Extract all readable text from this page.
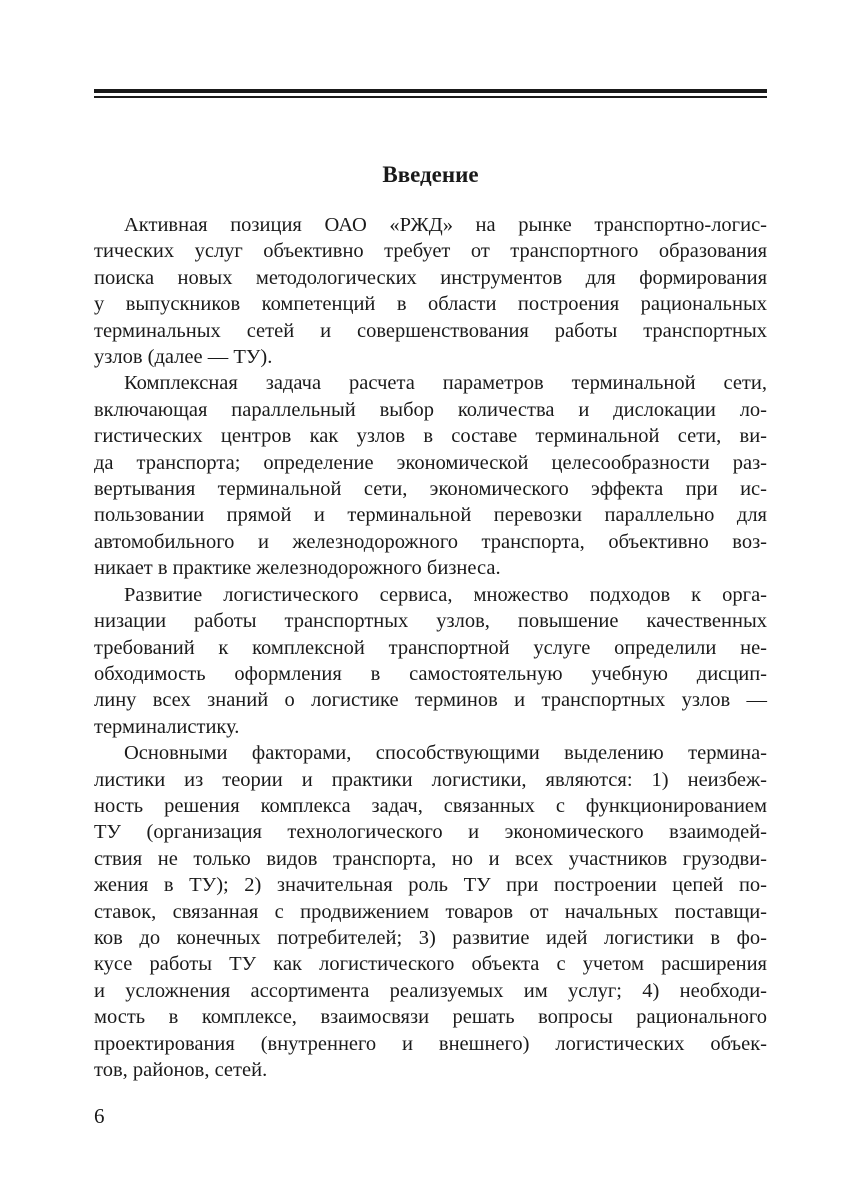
Введение

Активная позиция ОАО «РЖД» на рынке транспортно-логис-
тических услуг объективно требует от транспортного образования
поиска новых методологических инструментов для формирования
у выпускников компетенций в области построения рациональных
терминальных сетей и совершенствования работы транспортных
узлов (далее — ТУ).

Комплексная задача расчета параметров терминальной сети,
включающая параллельный выбор количества и дислокации ло-
гистических центров как узлов в составе терминальной сети, ви-
да транспорта; определение экономической целесообразности раз-
вертывания терминальной сети, экономического эффекта при ис-
пользовании прямой и терминальной перевозки параллельно для
автомобильного и железнодорожного транспорта, объективно воз-
никает в практике железнодорожного бизнеса.

Развитие логистического сервиса, множество подходов к орга-
низации работы транспортных узлов, повышение качественных
требований к комплексной транспортной услуге определили не-
обходимость оформления в самостоятельную учебную дисцип-
лину всех знаний о логистике терминов и транспортных узлов —
терминалистику.

Основными факторами, способствующими выделению термина-
листики из теории и практики логистики, являются: 1) неизбеж-
ность решения комплекса задач, связанных с функционированием
ТУ (организация технологического и экономического взаимодей-
ствия не только видов транспорта, но и всех участников грузодви-
жения в ТУ); 2) значительная роль ТУ при построении цепей по-
ставок, связанная с продвижением товаров от начальных поставщи-
ков до конечных потребителей; 3) развитие идей логистики в фо-
кусе работы ТУ как логистического объекта с учетом расширения
и усложнения ассортимента реализуемых им услуг; 4) необходи-
мость в комплексе, взаимосвязи решать вопросы рационального
проектирования (внутреннего и внешнего) логистических объек-
тов, районов, сетей.

6
